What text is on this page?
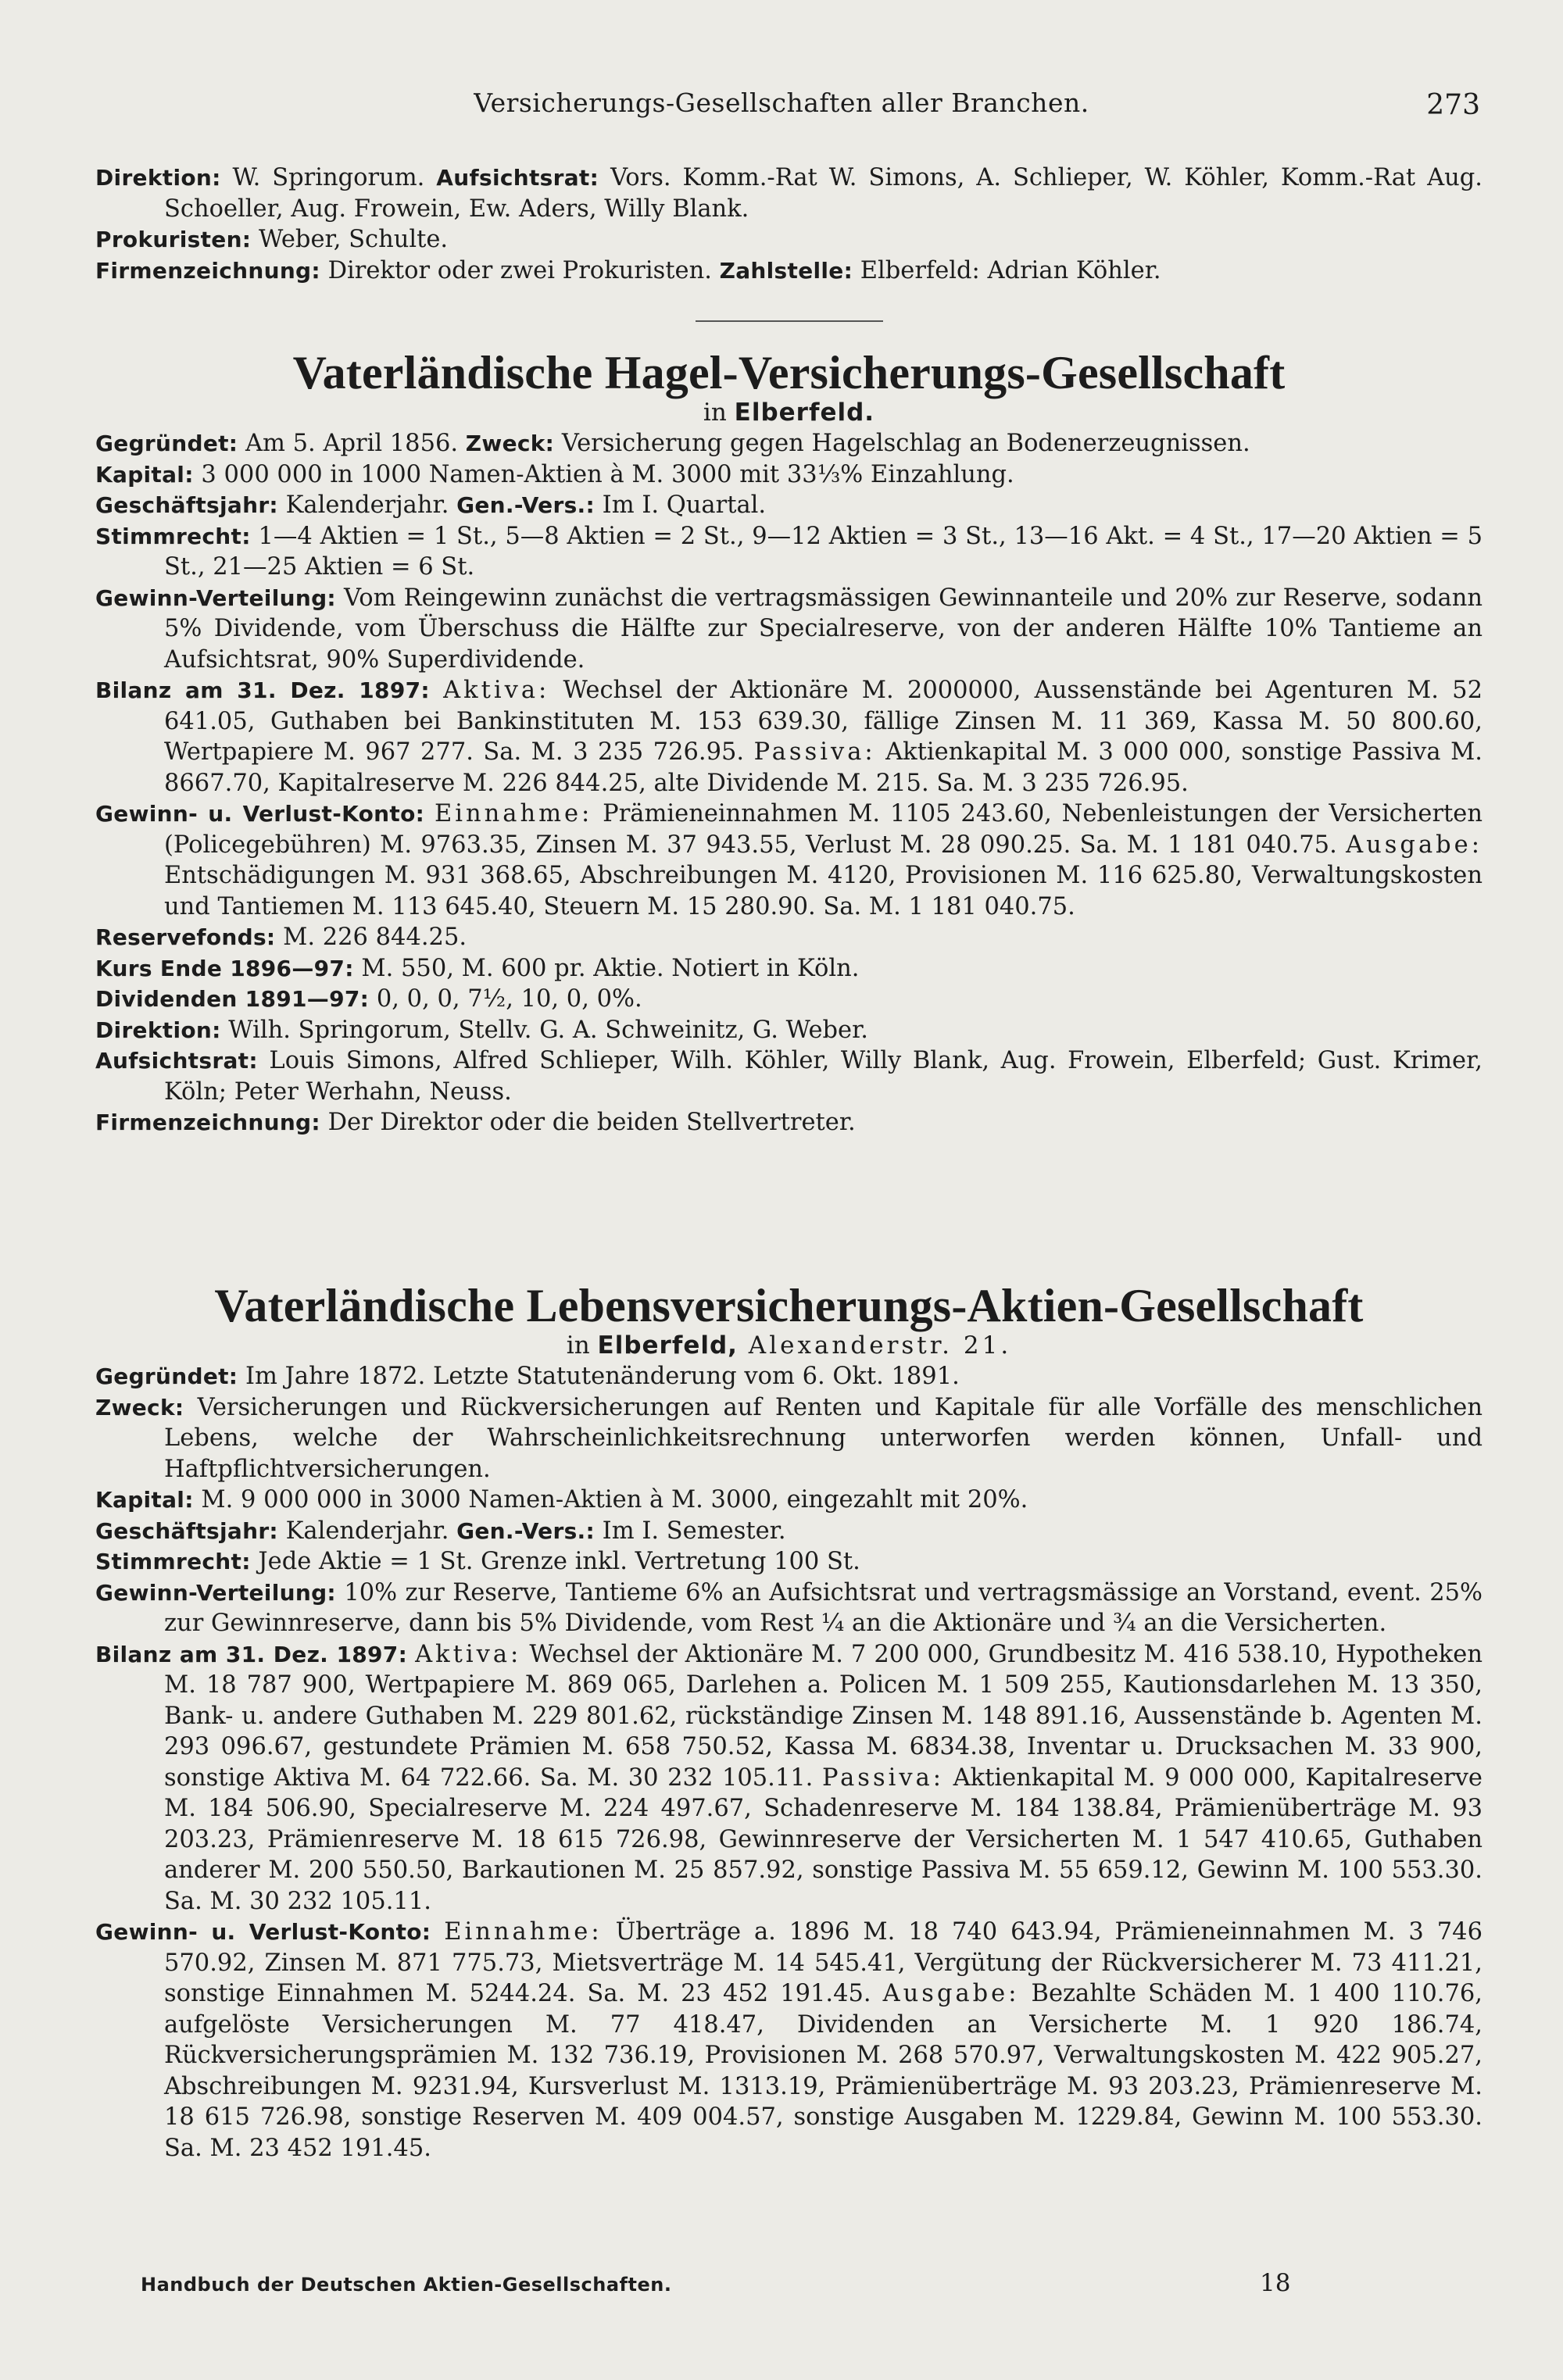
Versicherungs-Gesellschaften aller Branchen.	273
Direktion: W. Springorum. Aufsichtsrat: Vors. Komm.-Rat W. Simons, A. Schlieper, W. Köhler, Komm.-Rat Aug. Schoeller, Aug. Frowein, Ew. Aders, Willy Blank.
Prokuristen: Weber, Schulte.
Firmenzeichnung: Direktor oder zwei Prokuristen. Zahlstelle: Elberfeld: Adrian Köhler.
Vaterländische Hagel-Versicherungs-Gesellschaft
in Elberfeld.
Gegründet: Am 5. April 1856. Zweck: Versicherung gegen Hagelschlag an Bodenerzeugnissen.
Kapital: 3 000 000 in 1000 Namen-Aktien à M. 3000 mit 33⅓% Einzahlung.
Geschäftsjahr: Kalenderjahr. Gen.-Vers.: Im I. Quartal.
Stimmrecht: 1—4 Aktien = 1 St., 5—8 Aktien = 2 St., 9—12 Aktien = 3 St., 13—16 Akt. = 4 St., 17—20 Aktien = 5 St., 21—25 Aktien = 6 St.
Gewinn-Verteilung: Vom Reingewinn zunächst die vertragsmässigen Gewinnanteile und 20% zur Reserve, sodann 5% Dividende, vom Überschuss die Hälfte zur Specialreserve, von der anderen Hälfte 10% Tantieme an Aufsichtsrat, 90% Superdividende.
Bilanz am 31. Dez. 1897: Aktiva: Wechsel der Aktionäre M. 2000000, Aussenstände bei Agenturen M. 52 641.05, Guthaben bei Bankinstituten M. 153 639.30, fällige Zinsen M. 11 369, Kassa M. 50 800.60, Wertpapiere M. 967 277. Sa. M. 3 235 726.95. Passiva: Aktienkapital M. 3 000 000, sonstige Passiva M. 8667.70, Kapitalreserve M. 226 844.25, alte Dividende M. 215. Sa. M. 3 235 726.95.
Gewinn- u. Verlust-Konto: Einnahme: Prämieneinnahmen M. 1105 243.60, Nebenleistungen der Versicherten (Policegebühren) M. 9763.35, Zinsen M. 37 943.55, Verlust M. 28 090.25. Sa. M. 1 181 040.75. Ausgabe: Entschädigungen M. 931 368.65, Abschreibungen M. 4120, Provisionen M. 116 625.80, Verwaltungskosten und Tantiemen M. 113 645.40, Steuern M. 15 280.90. Sa. M. 1 181 040.75.
Reservefonds: M. 226 844.25.
Kurs Ende 1896—97: M. 550, M. 600 pr. Aktie. Notiert in Köln.
Dividenden 1891—97: 0, 0, 0, 7½, 10, 0, 0%.
Direktion: Wilh. Springorum, Stellv. G. A. Schweinitz, G. Weber.
Aufsichtsrat: Louis Simons, Alfred Schlieper, Wilh. Köhler, Willy Blank, Aug. Frowein, Elberfeld; Gust. Krimer, Köln; Peter Werhahn, Neuss.
Firmenzeichnung: Der Direktor oder die beiden Stellvertreter.
Vaterländische Lebensversicherungs-Aktien-Gesellschaft
in Elberfeld, Alexanderstr. 21.
Gegründet: Im Jahre 1872. Letzte Statutenänderung vom 6. Okt. 1891.
Zweck: Versicherungen und Rückversicherungen auf Renten und Kapitale für alle Vorfälle des menschlichen Lebens, welche der Wahrscheinlichkeitsrechnung unterworfen werden können, Unfall- und Haftpflichtversicherungen.
Kapital: M. 9 000 000 in 3000 Namen-Aktien à M. 3000, eingezahlt mit 20%.
Geschäftsjahr: Kalenderjahr. Gen.-Vers.: Im I. Semester.
Stimmrecht: Jede Aktie = 1 St. Grenze inkl. Vertretung 100 St.
Gewinn-Verteilung: 10% zur Reserve, Tantieme 6% an Aufsichtsrat und vertragsmässige an Vorstand, event. 25% zur Gewinnreserve, dann bis 5% Dividende, vom Rest ¼ an die Aktionäre und ¾ an die Versicherten.
Bilanz am 31. Dez. 1897: Aktiva: Wechsel der Aktionäre M. 7 200 000, Grundbesitz M. 416 538.10, Hypotheken M. 18 787 900, Wertpapiere M. 869 065, Darlehen a. Policen M. 1 509 255, Kautionsdarlehen M. 13 350, Bank- u. andere Guthaben M. 229 801.62, rückständige Zinsen M. 148 891.16, Aussenstände b. Agenten M. 293 096.67, gestundete Prämien M. 658 750.52, Kassa M. 6834.38, Inventar u. Drucksachen M. 33 900, sonstige Aktiva M. 64 722.66. Sa. M. 30 232 105.11. Passiva: Aktienkapital M. 9 000 000, Kapitalreserve M. 184 506.90, Specialreserve M. 224 497.67, Schadenreserve M. 184 138.84, Prämienüberträge M. 93 203.23, Prämienreserve M. 18 615 726.98, Gewinnreserve der Versicherten M. 1 547 410.65, Guthaben anderer M. 200 550.50, Barkautionen M. 25 857.92, sonstige Passiva M. 55 659.12, Gewinn M. 100 553.30. Sa. M. 30 232 105.11.
Gewinn- u. Verlust-Konto: Einnahme: Überträge a. 1896 M. 18 740 643.94, Prämieneinnahmen M. 3 746 570.92, Zinsen M. 871 775.73, Mietsverträge M. 14 545.41, Vergütung der Rückversicherer M. 73 411.21, sonstige Einnahmen M. 5244.24. Sa. M. 23 452 191.45. Ausgabe: Bezahlte Schäden M. 1 400 110.76, aufgelöste Versicherungen M. 77 418.47, Dividenden an Versicherte M. 1 920 186.74, Rückversicherungsprämien M. 132 736.19, Provisionen M. 268 570.97, Verwaltungskosten M. 422 905.27, Abschreibungen M. 9231.94, Kursverlust M. 1313.19, Prämienüberträge M. 93 203.23, Prämienreserve M. 18 615 726.98, sonstige Reserven M. 409 004.57, sonstige Ausgaben M. 1229.84, Gewinn M. 100 553.30. Sa. M. 23 452 191.45.
Handbuch der Deutschen Aktien-Gesellschaften.	18
